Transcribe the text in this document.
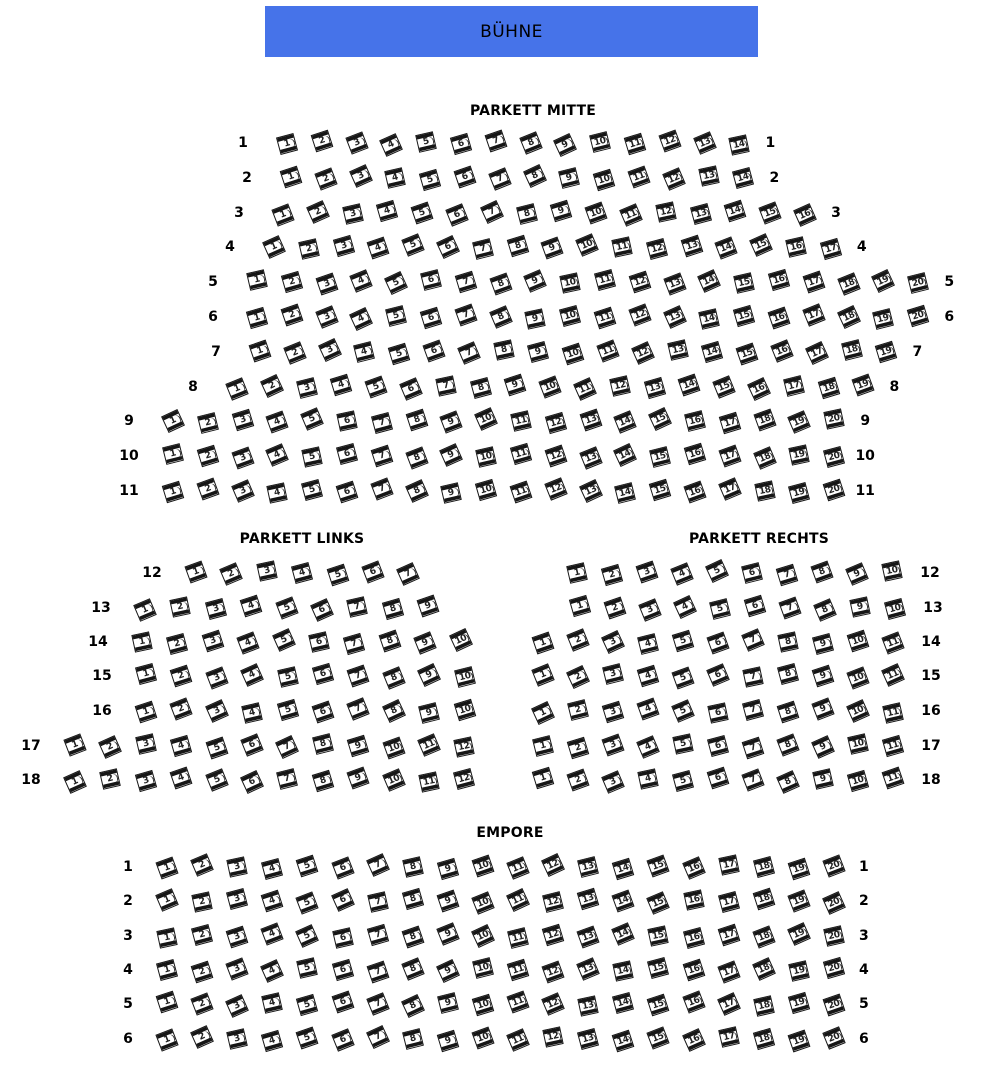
BÜHNE
PARKETT MITTE
PARKETT LINKS	PARKETT RECHTS
EMPORE
1	1
1	2	3	4	5	6	7	8	9	10 11 12 13 14
2	2
1	2	3	4	5	6	7	8	9	10 11 12 13 14
3	3
1	2	3	4	5	6	7	8	9	10 11 12 13 14 15 16
4	4
1	2	3	4	5	6	7	8	9	10 11 12 13 14 15 16 17
5	5
1	2	3	4	5	6	7	8	9	10 11 12 13 14 15 16 17 18 19 20
6	6
1	2	3	4	5	6	7	8	9	10 11 12 13 14 15 16 17 18 19 20
7	7
1	2	3	4	5	6	7	8	9	10 11 12 13 14 15 16 17 18 19
8	8
1	2	3	4	5	6	7	8	9	10 11 12 13 14 15 16 17 18 19
9	9
1	2	3	4	5	6	7	8	9	10 11 12 13 14 15 16 17 18 19 20
10	10
1	2	3	4	5	6	7	8	9	10 11 12 13 14 15 16 17 18 19 20
11	11
1	2	3	4	5	6	7	8	9	10 11 12 13 14 15 16 17 18 19 20
12	1	2	3	4	5	6	7
13	1	2	3	4	5	6	7	8	9
14	1	2	3	4	5	6	7	8	9	10
15	1	2	3	4	5	6	7	8	9	10
16	1	2	3	4	5	6	7	8	9	10
17	1	2	3	4	5	6	7	8	9	10 11 12
18	1	2	3	4	5	6	7	8	9	10 11 12
12
1	2	3	4	5	6	7	8	9	10
13
1	2	3	4	5	6	7	8	9	10
14
1	2	3	4	5	6	7	8	9	10 11
15
1	2	3	4	5	6	7	8	9	10 11
16
1	2	3	4	5	6	7	8	9	10 11
17
1	2	3	4	5	6	7	8	9	10 11
18
1	2	3	4	5	6	7	8	9	10 11
1	1
1	2	3	4	5	6	7	8	9	10 11 12 13 14 15 16 17 18 19 20
2	2
1	2	3	4	5	6	7	8	9	10 11 12 13 14 15 16 17 18 19 20
3	3
1	2	3	4	5	6	7	8	9	10 11 12 13 14 15 16 17 18 19 20
4	4
1	2	3	4	5	6	7	8	9	10 11 12 13 14 15 16 17 18 19 20
5	5
1	2	3	4	5	6	7	8	9	10 11 12 13 14 15 16 17 18 19 20
6	6
1	2	3	4	5	6	7	8	9	10 11 12 13 14 15 16 17 18 19 20
